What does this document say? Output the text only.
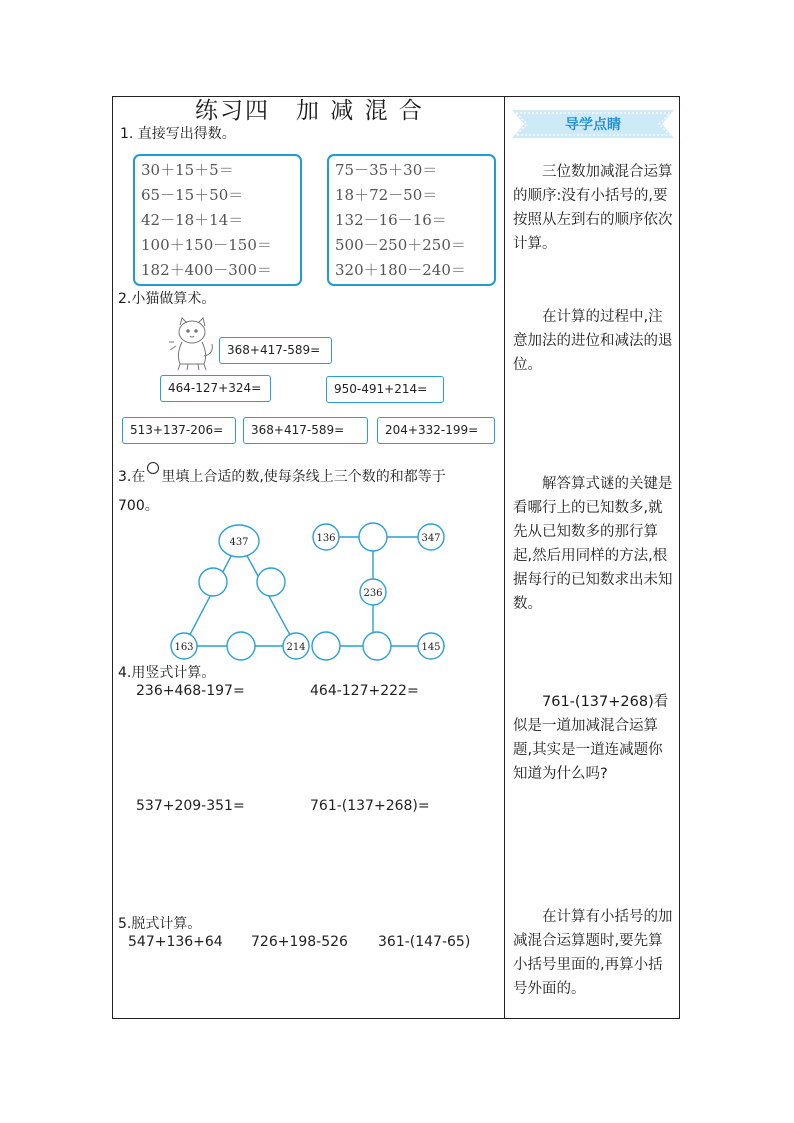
练习四 加 减 混 合
1. 直接写出得数。
30＋15＋5＝
65－15＋50＝
42－18＋14＝
100＋150－150＝
182＋400－300＝
75－35＋30＝
18＋72－50＝
132－16－16＝
500－250＋250＝
320＋180－240＝
2.小猫做算术。
368+417-589=
464-127+324=	950-491+214=
513+137-206=	368+417-589=	204+332-199=
3.在 里填上合适的数,使每条线上三个数的和都等于
700。
437
163	214
136	347
236
145
4.用竖式计算。
236+468-197=	464-127+222=
537+209-351=	761-(137+268)=
5.脱式计算。
547+136+64 726+198-526 361-(147-65)
导学点睛
三位数加减混合运算的顺序:没有小括号的,要按照从左到右的顺序依次计算。
在计算的过程中,注意加法的进位和减法的退位。
解答算式谜的关键是看哪行上的已知数多,就先从已知数多的那行算起,然后用同样的方法,根据每行的已知数求出未知数。
761-(137+268)看似是一道加减混合运算题,其实是一道连减题你知道为什么吗?
在计算有小括号的加减混合运算题时,要先算小括号里面的,再算小括号外面的。
